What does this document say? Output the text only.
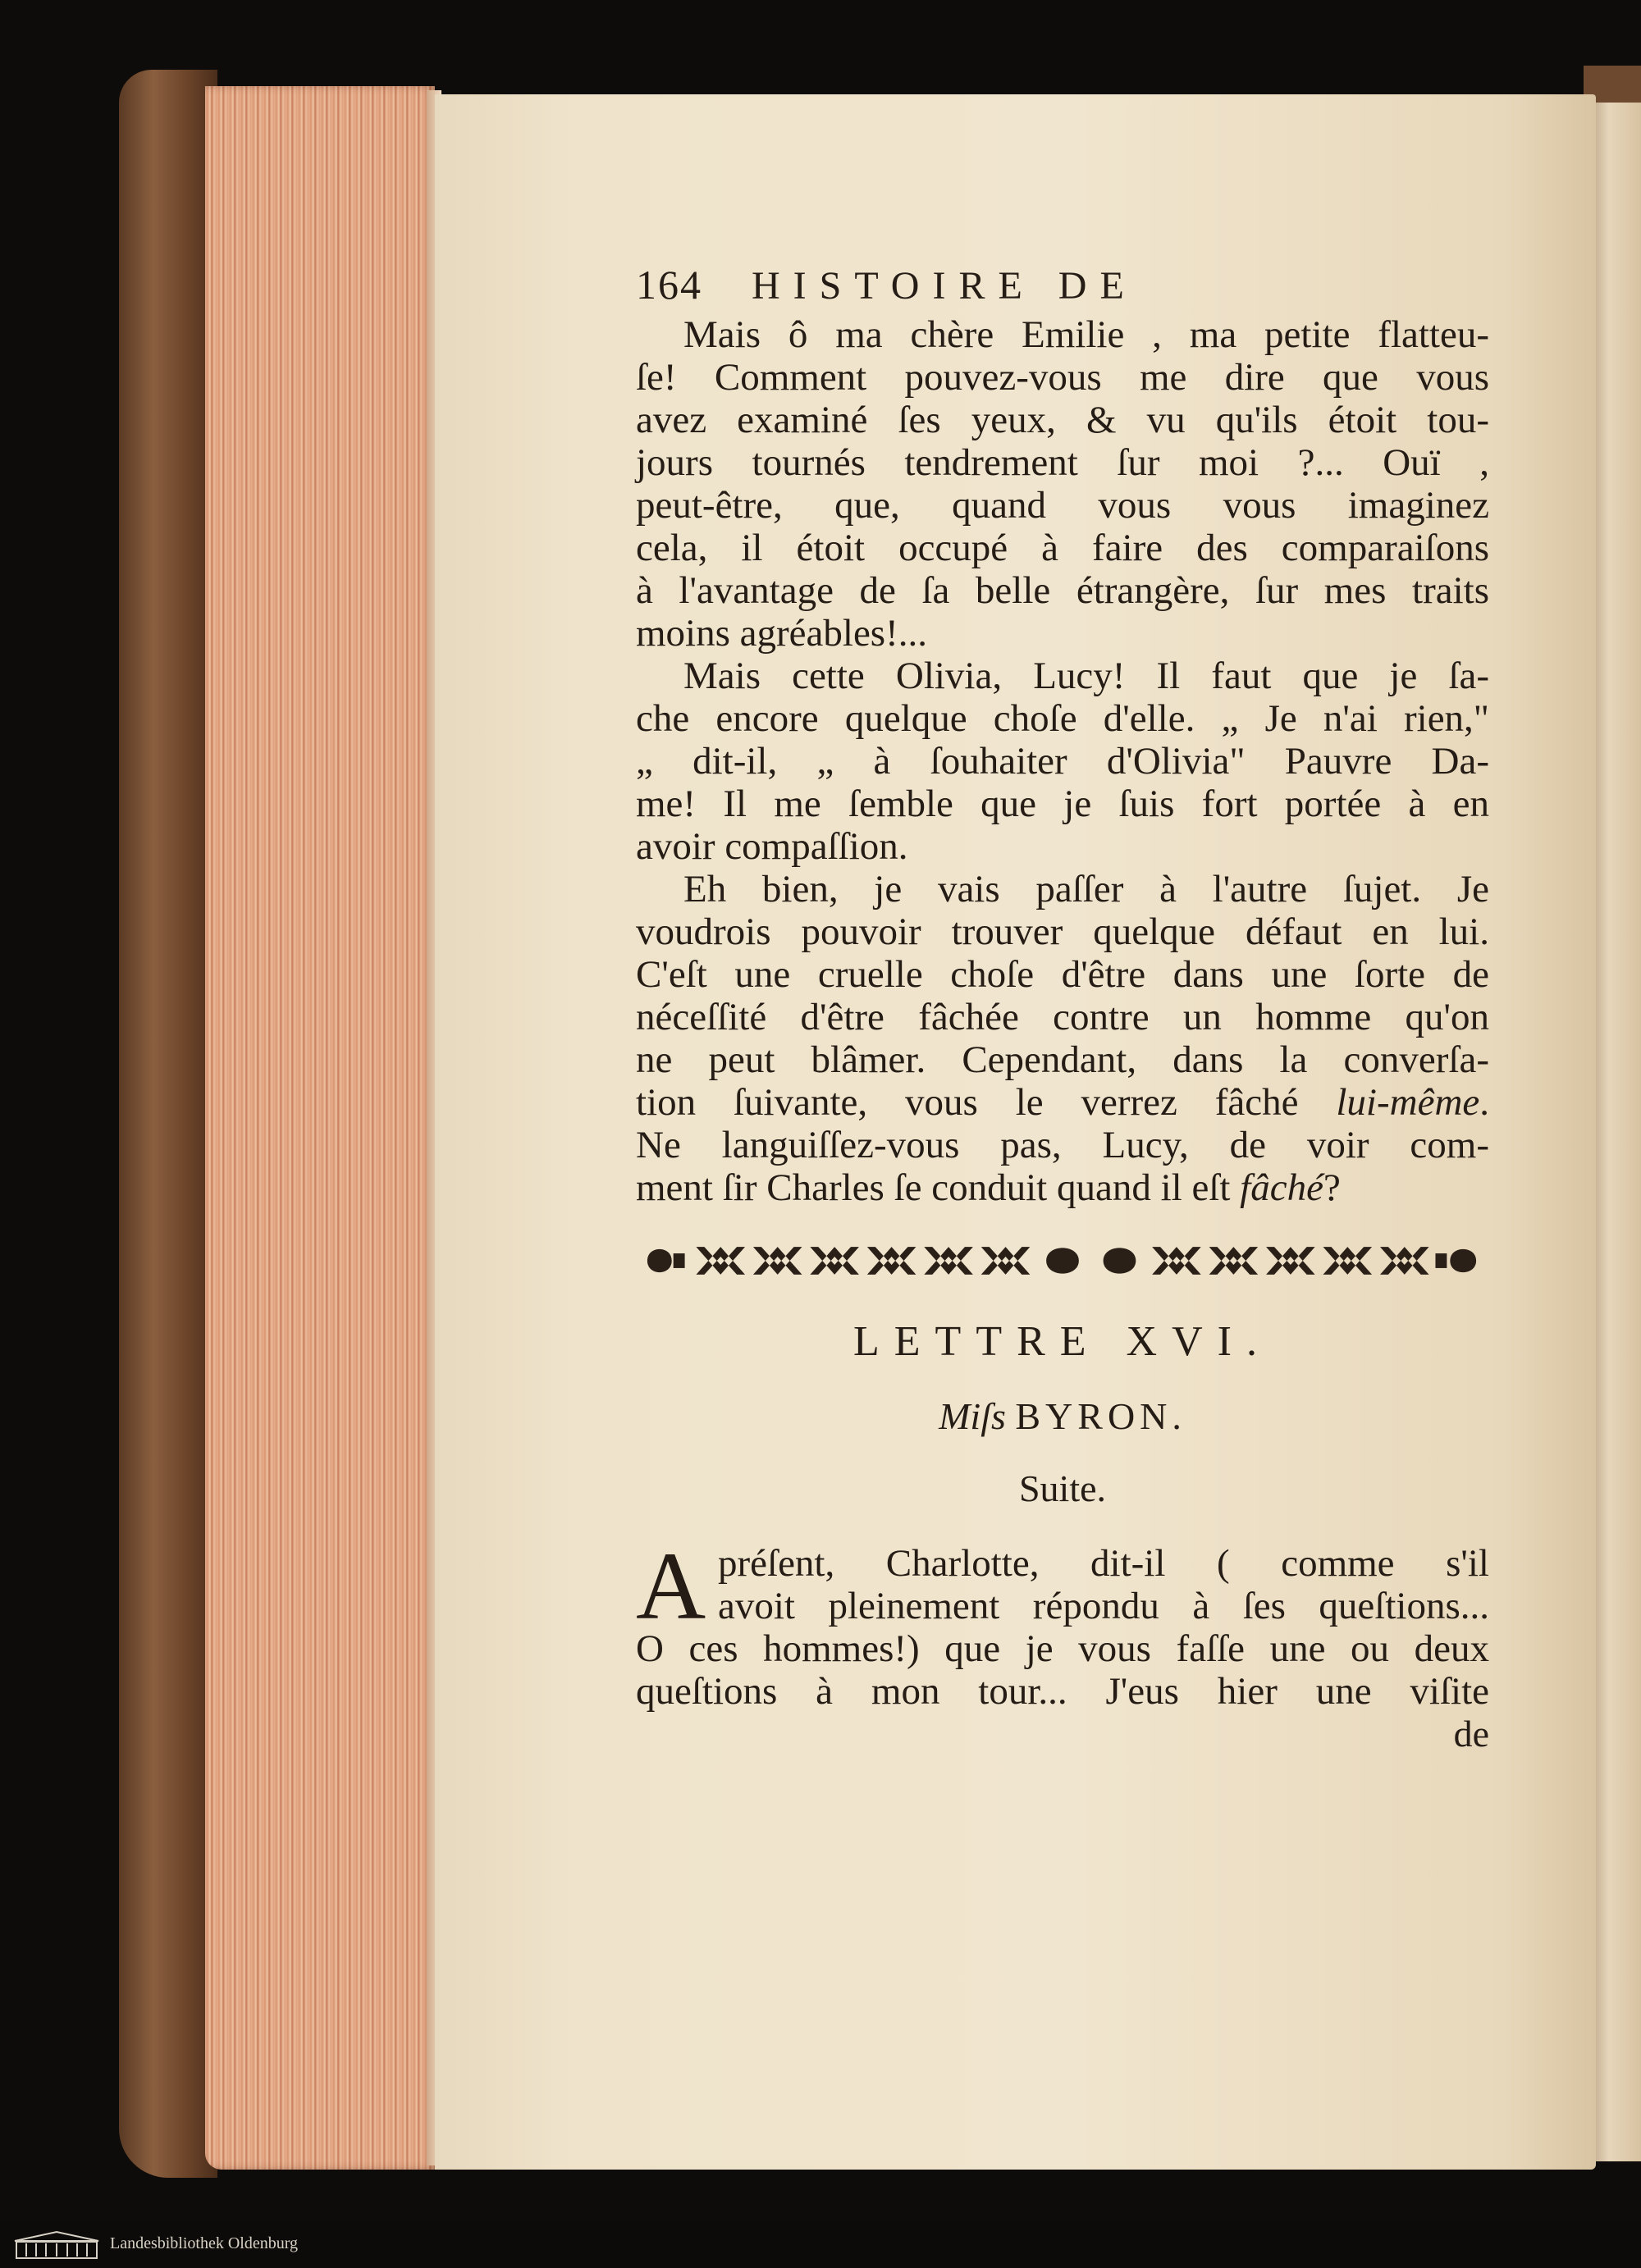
164 HISTOIRE DE
Mais ô ma chère Emilie , ma petite flatteu-
ſe! Comment pouvez-vous me dire que vous
avez examiné ſes yeux, & vu qu'ils étoit tou-
jours tournés tendrement ſur moi ?... Ouï ,
peut-être, que, quand vous vous imaginez
cela, il étoit occupé à faire des comparaiſons
à l'avantage de ſa belle étrangère, ſur mes traits
moins agréables!...
Mais cette Olivia, Lucy! Il faut que je ſa-
che encore quelque choſe d'elle. „ Je n'ai rien,"
„ dit-il, „ à ſouhaiter d'Olivia" Pauvre Da-
me! Il me ſemble que je ſuis fort portée à en
avoir compaſſion.
Eh bien, je vais paſſer à l'autre ſujet. Je
voudrois pouvoir trouver quelque défaut en lui.
C'eſt une cruelle choſe d'être dans une ſorte de
néceſſité d'être fâchée contre un homme qu'on
ne peut blâmer. Cependant, dans la converſa-
tion ſuivante, vous le verrez fâché lui-même.
Ne languiſſez-vous pas, Lucy, de voir com-
ment ſir Charles ſe conduit quand il eſt fâché?
LETTRE XVI.
Miſs BYRON.
Suite.
A préſent, Charlotte, dit-il ( comme s'il
avoit pleinement répondu à ſes queſtions...
O ces hommes!) que je vous faſſe une ou deux
queſtions à mon tour... J'eus hier une viſite
de
Landesbibliothek Oldenburg
